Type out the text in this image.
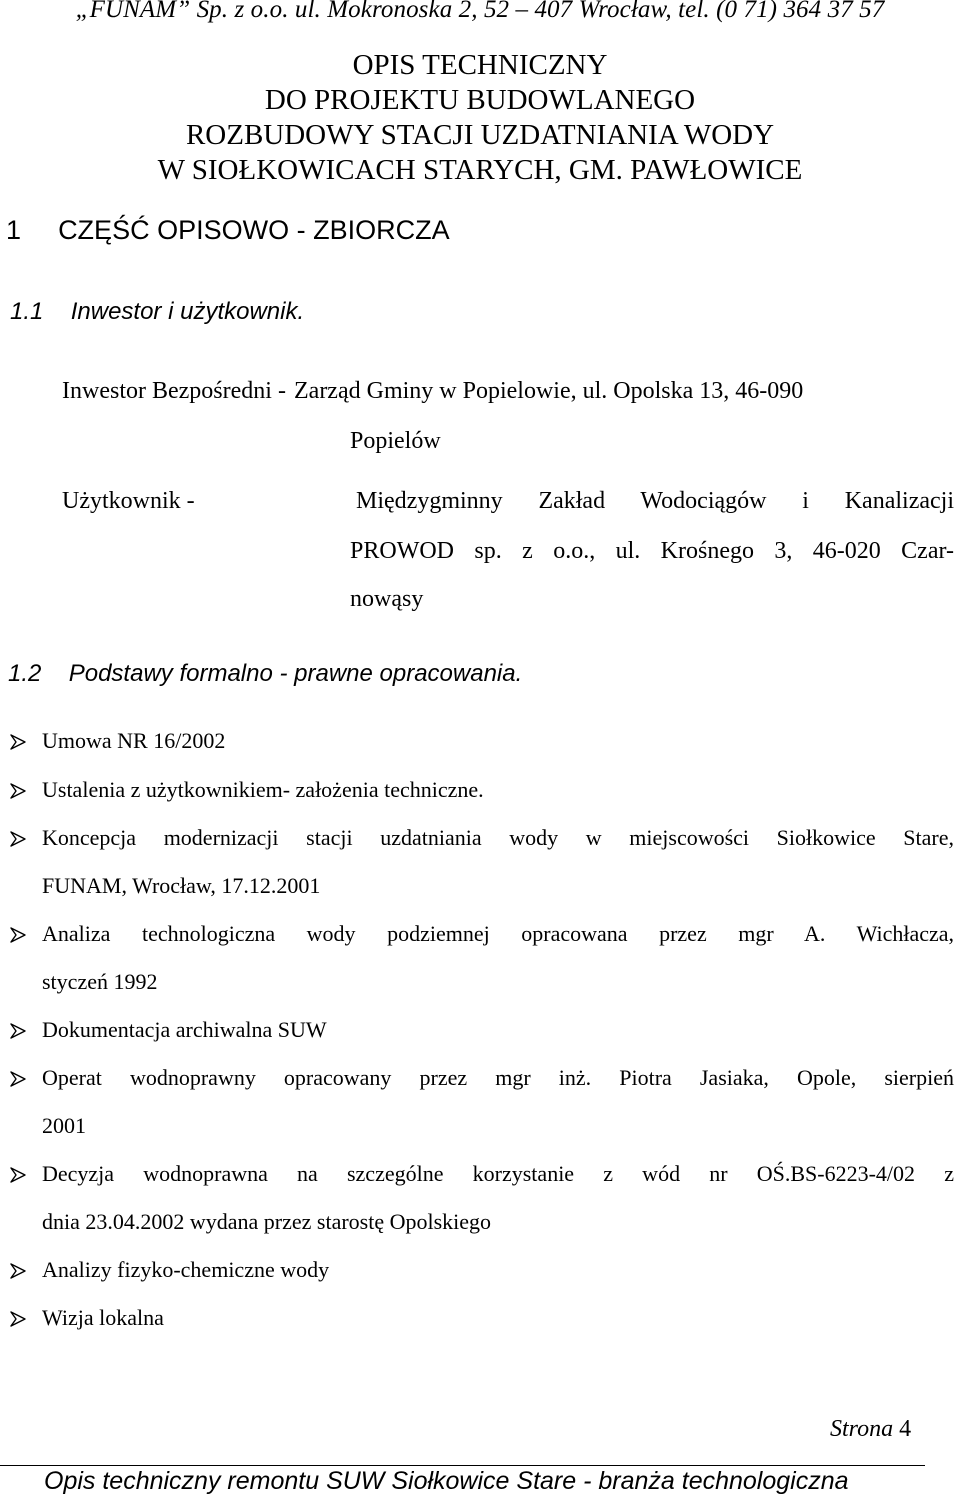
„FUNAM” Sp. z o.o. ul. Mokronoska 2, 52 – 407 Wrocław, tel. (0 71) 364 37 57
OPIS TECHNICZNY
DO PROJEKTU BUDOWLANEGO
ROZBUDOWY STACJI UZDATNIANIA WODY
W SIOŁKOWICACH STARYCH, GM. PAWŁOWICE
1 CZĘŚĆ OPISOWO - ZBIORCZA
1.1 Inwestor i użytkownik.
Inwestor Bezpośredni - Zarząd Gminy w Popielowie, ul. Opolska 13, 46-090
Popielów
Użytkownik -	Międzygminny Zakład Wodociągów i Kanalizacji
PROWOD sp. z o.o., ul. Krośnego 3, 46-020 Czar-
nowąsy
1.2 Podstawy formalno - prawne opracowania.
Umowa NR 16/2002
Ustalenia z użytkownikiem- założenia techniczne.
Koncepcja modernizacji stacji uzdatniania wody w miejscowości Siołkowice Stare,
FUNAM, Wrocław, 17.12.2001
Analiza technologiczna wody podziemnej opracowana przez mgr A. Wichłacza,
styczeń 1992
Dokumentacja archiwalna SUW
Operat wodnoprawny opracowany przez mgr inż. Piotra Jasiaka, Opole, sierpień
2001
Decyzja wodnoprawna na szczególne korzystanie z wód nr OŚ.BS-6223-4/02 z
dnia 23.04.2002 wydana przez starostę Opolskiego
Analizy fizyko-chemiczne wody
Wizja lokalna
Strona 4
Opis techniczny remontu SUW Siołkowice Stare - branża technologiczna
